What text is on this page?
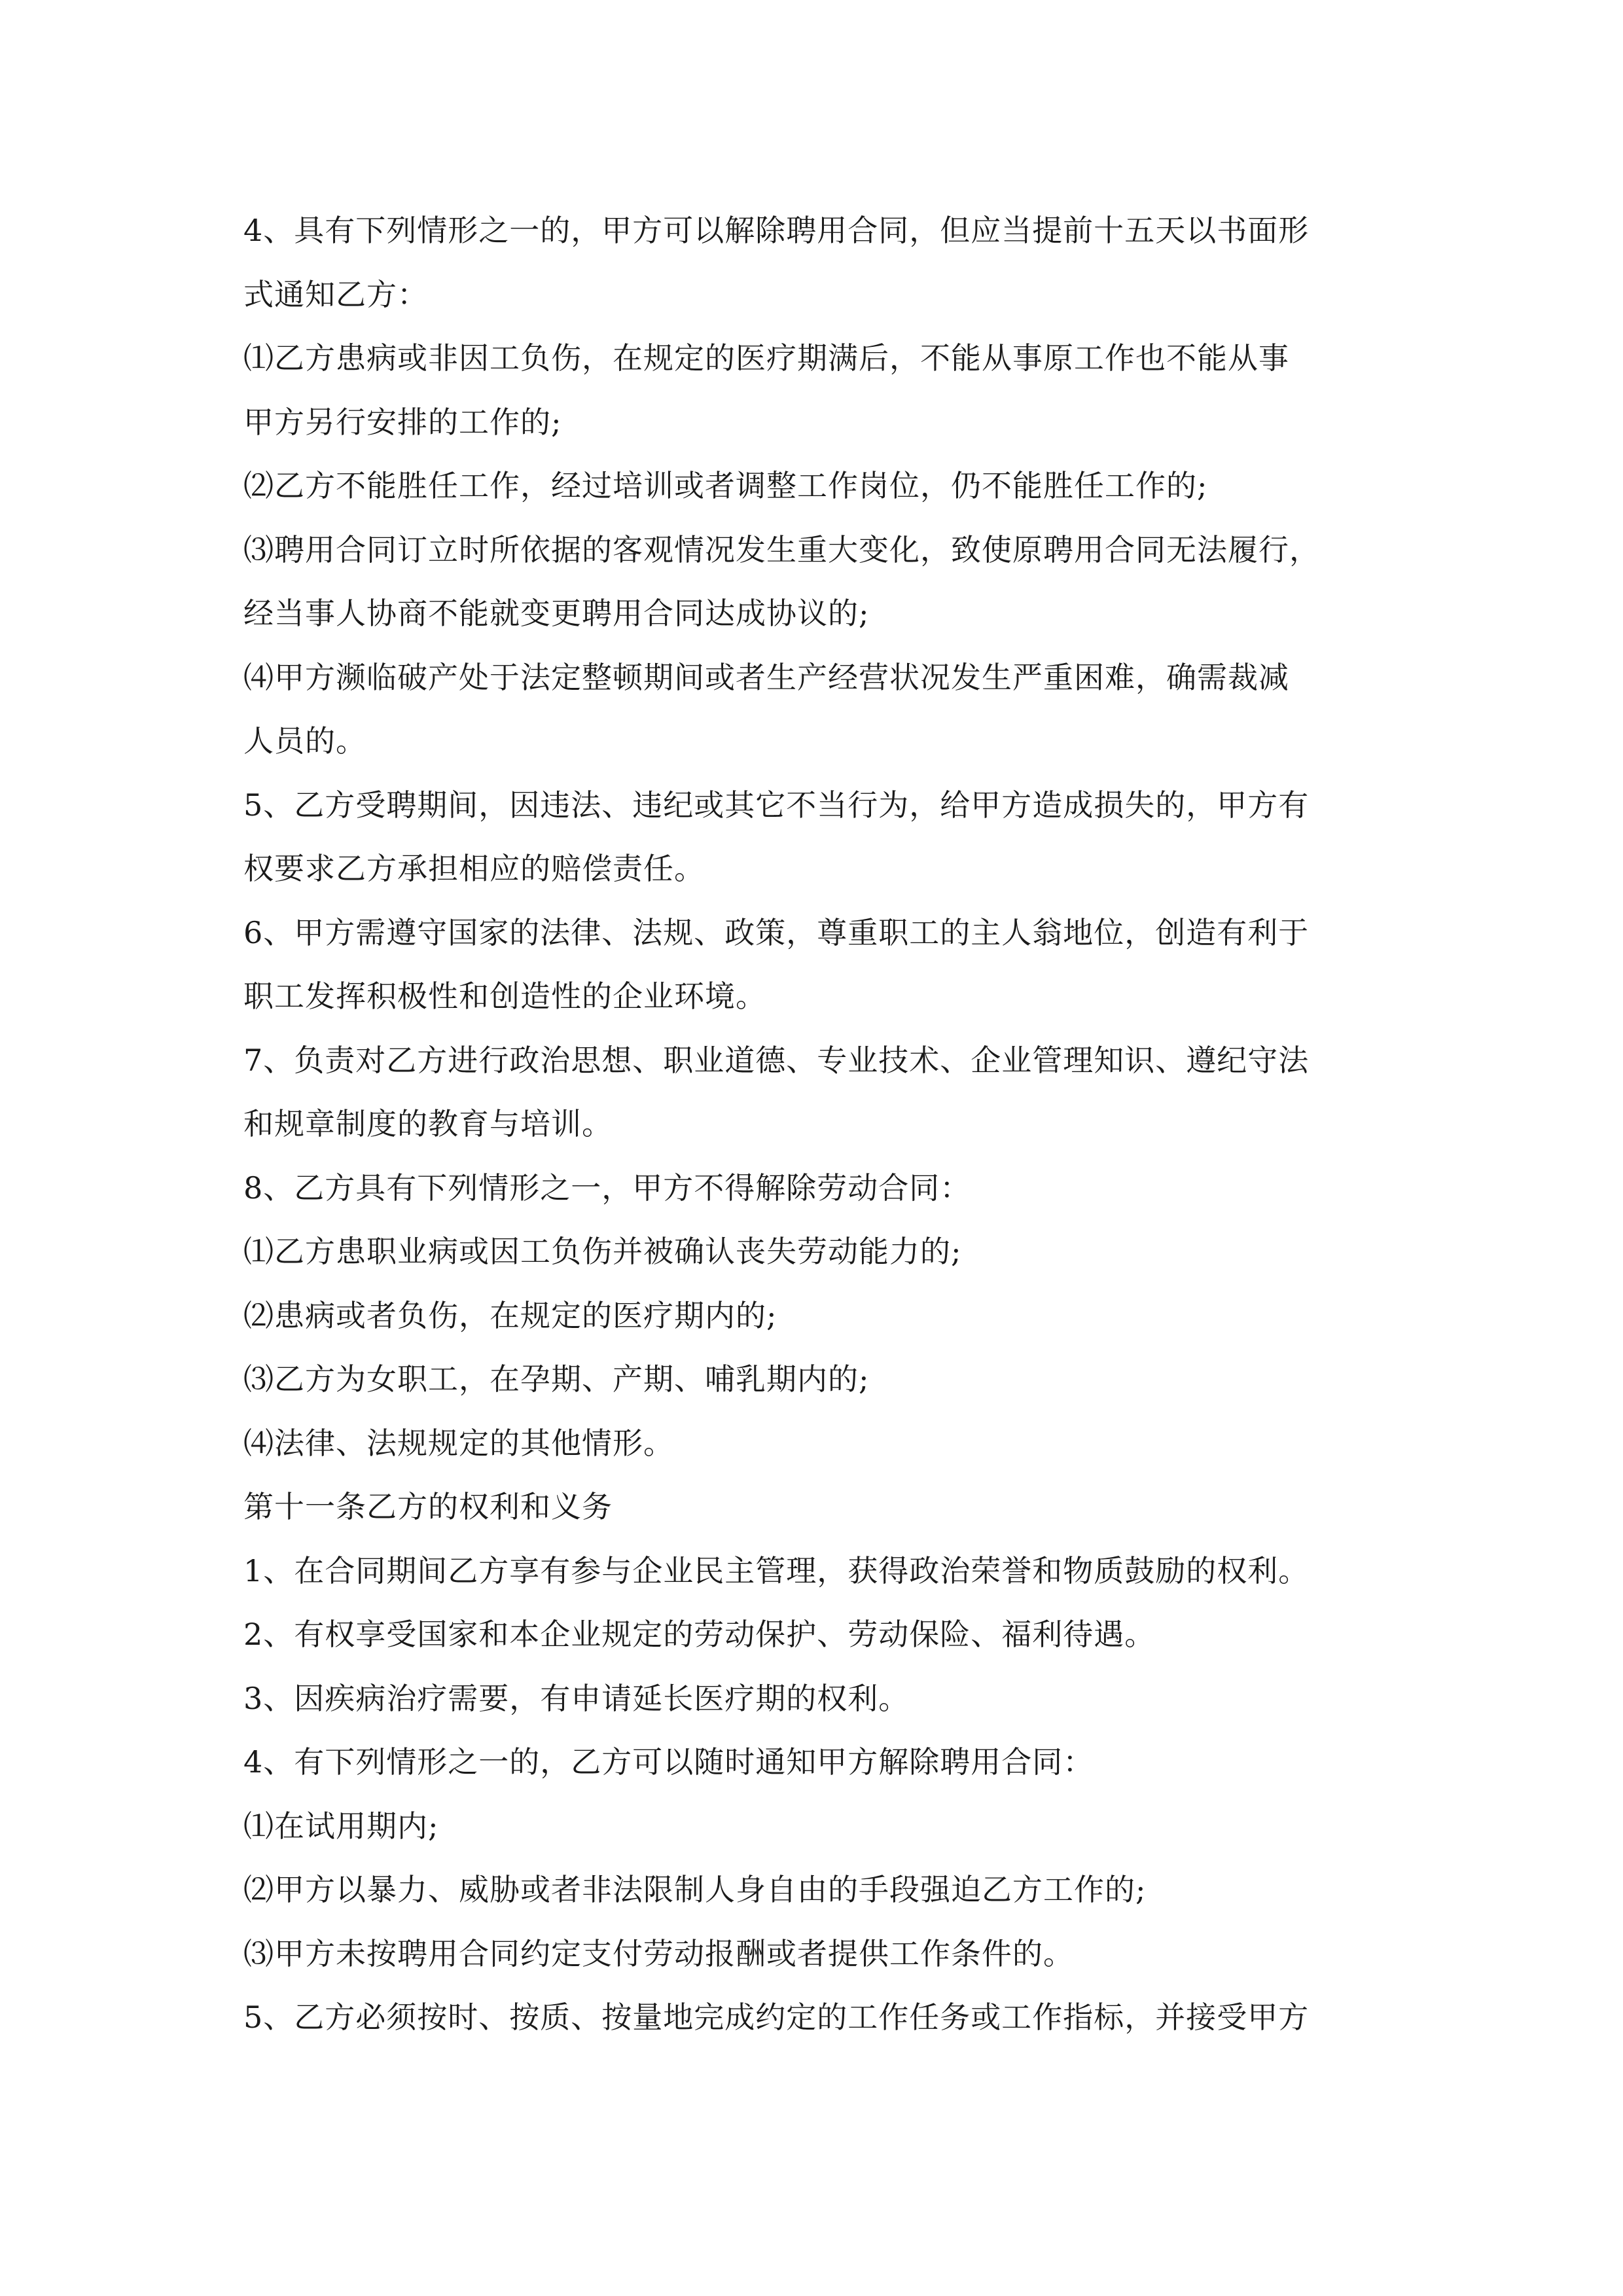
4、具有下列情形之一的，甲方可以解除聘用合同，但应当提前十五天以书面形

式通知乙方：

⑴乙方患病或非因工负伤，在规定的医疗期满后，不能从事原工作也不能从事

甲方另行安排的工作的;

⑵乙方不能胜任工作，经过培训或者调整工作岗位，仍不能胜任工作的;

⑶聘用合同订立时所依据的客观情况发生重大变化，致使原聘用合同无法履行，

经当事人协商不能就变更聘用合同达成协议的;

⑷甲方濒临破产处于法定整顿期间或者生产经营状况发生严重困难，确需裁减

人员的。

5、乙方受聘期间，因违法、违纪或其它不当行为，给甲方造成损失的，甲方有

权要求乙方承担相应的赔偿责任。

6、甲方需遵守国家的法律、法规、政策，尊重职工的主人翁地位，创造有利于

职工发挥积极性和创造性的企业环境。

7、负责对乙方进行政治思想、职业道德、专业技术、企业管理知识、遵纪守法

和规章制度的教育与培训。

8、乙方具有下列情形之一，甲方不得解除劳动合同：

⑴乙方患职业病或因工负伤并被确认丧失劳动能力的;

⑵患病或者负伤，在规定的医疗期内的;

⑶乙方为女职工，在孕期、产期、哺乳期内的;

⑷法律、法规规定的其他情形。

第十一条乙方的权利和义务

1、在合同期间乙方享有参与企业民主管理，获得政治荣誉和物质鼓励的权利。

2、有权享受国家和本企业规定的劳动保护、劳动保险、福利待遇。

3、因疾病治疗需要，有申请延长医疗期的权利。

4、有下列情形之一的，乙方可以随时通知甲方解除聘用合同：

⑴在试用期内;

⑵甲方以暴力、威胁或者非法限制人身自由的手段强迫乙方工作的;

⑶甲方未按聘用合同约定支付劳动报酬或者提供工作条件的。

5、乙方必须按时、按质、按量地完成约定的工作任务或工作指标，并接受甲方
